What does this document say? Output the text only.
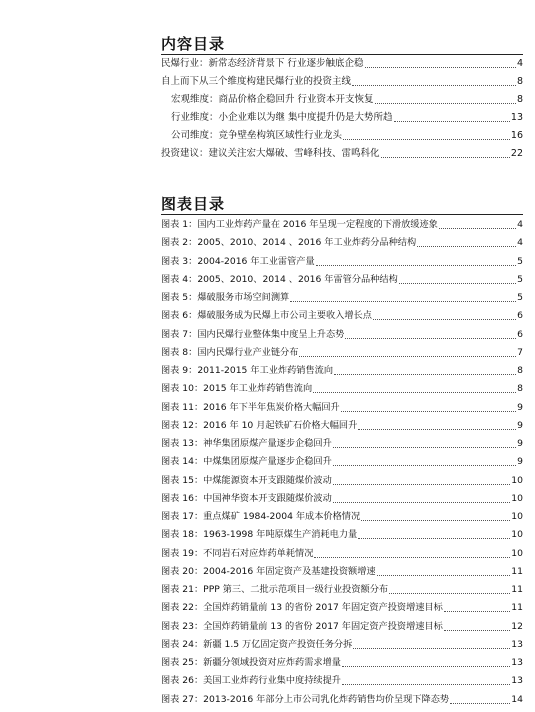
内容目录
民爆行业：新常态经济背景下 行业逐步触底企稳	4
自上而下从三个维度构建民爆行业的投资主线	8
宏观维度：商品价格企稳回升 行业资本开支恢复	8
行业维度：小企业难以为继 集中度提升仍是大势所趋	13
公司维度：竞争壁垒构筑区域性行业龙头	16
投资建议：建议关注宏大爆破、雪峰科技、雷鸣科化	22
图表目录
图表 1：国内工业炸药产量在 2016 年呈现一定程度的下滑放缓迹象	4
图表 2：2005、2010、2014 、2016 年工业炸药分品种结构	4
图表 3：2004-2016 年工业雷管产量	5
图表 4：2005、2010、2014 、2016 年雷管分品种结构	5
图表 5：爆破服务市场空间测算	5
图表 6：爆破服务成为民爆上市公司主要收入增长点	6
图表 7：国内民爆行业整体集中度呈上升态势	6
图表 8：国内民爆行业产业链分布	7
图表 9：2011-2015 年工业炸药销售流向	8
图表 10：2015 年工业炸药销售流向	8
图表 11：2016 年下半年焦炭价格大幅回升	9
图表 12：2016 年 10 月起铁矿石价格大幅回升	9
图表 13：神华集团原煤产量逐步企稳回升	9
图表 14：中煤集团原煤产量逐步企稳回升	9
图表 15：中煤能源资本开支跟随煤价波动	10
图表 16：中国神华资本开支跟随煤价波动	10
图表 17：重点煤矿 1984-2004 年成本价格情况	10
图表 18：1963-1998 年吨原煤生产消耗电力量	10
图表 19：不同岩石对应炸药单耗情况	10
图表 20：2004-2016 年固定资产及基建投资额增速	11
图表 21：PPP 第三、二批示范项目一级行业投资额分布	11
图表 22：全国炸药销量前 13 的省份 2017 年固定资产投资增速目标	11
图表 23：全国炸药销量前 13 的省份 2017 年固定资产投资增速目标	12
图表 24：新疆 1.5 万亿固定资产投资任务分拆	13
图表 25：新疆分领域投资对应炸药需求增量	13
图表 26：美国工业炸药行业集中度持续提升	13
图表 27：2013-2016 年部分上市公司乳化炸药销售均价呈现下降态势	14
